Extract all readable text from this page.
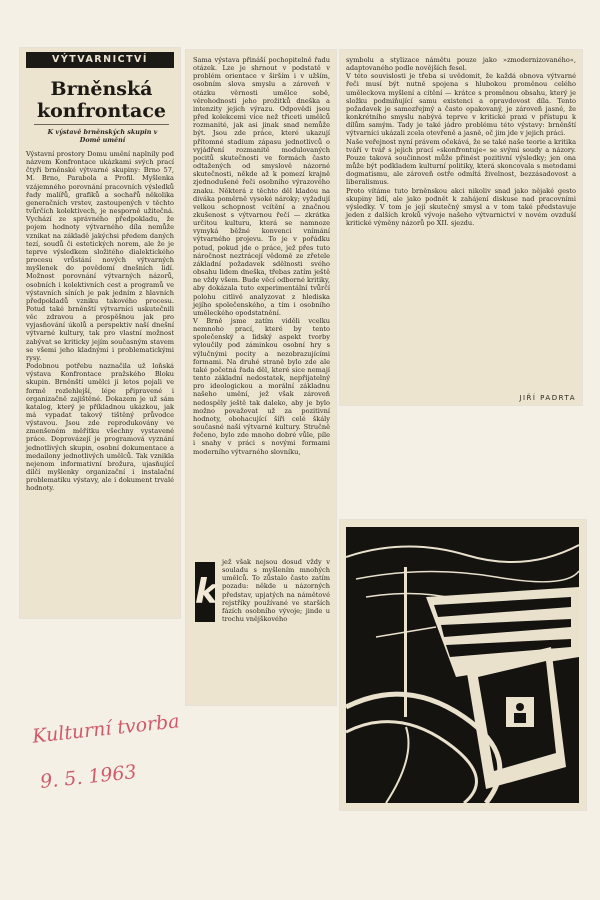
VÝTVARNICTVÍ
Brněnská konfrontace
K výstavě brněnských skupin v Domě umění
Výstavní prostory Domu umění naplnily pod názvem Konfrontace ukázkami svých prací čtyři brněnské výtvarné skupiny: Brno 57, M. Brno, Parabola a Profil. Myšlenka vzájemného porovnání pracovních výsledků řady malířů, grafiků a sochařů několika generačních vrstev, zastoupených v těchto tvůrčích kolektivech, je nesporně užitečná. Vychází ze správného předpokladu, že pojem hodnoty výtvarného díla nemůže vznikat na základě jakýchsi předem daných tezí, soudů či estetických norem, ale že je teprve výsledkem složitého dialektického procesu vrůstání nových výtvarných myšlenek do povědomí dnešních lidí. Možnost porovnání výtvarných názorů, osobních i kolektivních cest a programů ve výstavních síních je pak jedním z hlavních předpokladů vzniku takového procesu. Potud také brněnští výtvarníci uskutečnili věc zdravou a prospěšnou jak pro vyjasňování úkolů a perspektiv naší dnešní výtvarné kultury, tak pro vlastní možnost zabývat se kriticky jejím současným stavem se všemi jeho kladnými i problematickými rysy.
Podobnou potřebu naznačila už loňská výstava Konfrontace pražského Bloku skupin. Brněnští umělci ji letos pojali ve formě rozlehlejší, lépe připravené i organizačně zajištěné. Dokazem je už sám katalog, který je příkladnou ukázkou, jak má vypadat takový tištěný průvodce výstavou. Jsou zde reprodukovány ve zmenšeném měřítku všechny vystavené práce. Doprovázejí je programová vyznání jednotlivých skupin, osobní dokumentace a medailony jednotlivých umělců. Tak vznikla nejenom informativní brožura, ujasňující dílčí myšlenky organizační i instalační problematiku výstavy, ale i dokument trvalé hodnoty.
Sama výstava přináší pochopitelně řadu otázek. Lze je shrnout v podstatě v problém orientace v širším i v užším, osobním slova smyslu a zároveň v otázku věrnosti umělce sobě, věrohodnosti jeho prožitků dneška a intenzity jejich výrazu. Odpovědi jsou před kolekcemi více než třiceti umělců rozmanité, jak asi jinak snad nemůže být. Jsou zde práce, které ukazují přítomné stadium zápasu jednotlivců o vyjádření rozmanitě modulovaných pocitů skutečnosti ve formách často odtažených od smyslově názorné skutečnosti, někde až k pomezí krajně zjednodušené řeči osobního výrazového znaku. Některá z těchto děl kladou na diváka poměrně vysoké nároky; vyžadují velkou schopnost vcítění a značnou zkušenost s výtvarnou řečí — zkrátka určitou kulturu, která se namnoze vymyká běžné konvenci vnímání výtvarného projevu. To je v pořádku potud, pokud jde o práce, jež přes tuto náročnost neztrácejí vědomě ze zřetele základní požadavek sdělnosti svého obsahu lidem dneška, třebas zatím ještě ne vždy všem. Bude věcí odborné kritiky, aby dokázala tuto experimentální tvůrčí polohu citlivě analyzovat z hlediska jejího společenského, a tím i osobního uměleckého opodstatnění.
V Brně jsme zatím viděli vcelku nemnoho prací, které by tento společenský a lidský aspekt tvorby vyloučily pod záminkou osobní hry s výlučnými pocity a nezobrazujícími formami. Na druhé straně bylo zde ale také početná řada děl, které sice nemají tento základní nedostatek, nepřijatelný pro ideologickou a morální základnu našeho umění, jež však zároveň nedospěly ještě tak daleko, aby je bylo možno považovat už za pozitivní hodnoty, obohacující šíři celé škály současné naší výtvarné kultury. Stručně řečeno, bylo zde mnoho dobré vůle, píle i snahy v práci s novými formami moderního výtvarného slovníku,
k
jež však nejsou dosud vždy v souladu s myšlením mnohých umělců. To zůstalo často zatím pozadu: někde u názorných představ, upjatých na námětové rejstříky používané ve starších fázích osobního vývoje; jinde u trochu vnějškového
symbolu a stylizace námětu pouze jako »zmodernizovaného«, adaptovaného podle novějších fesel.
V této souvislosti je třeba si uvědomit, že každá obnova výtvarné řeči musí být nutně spojena s hlubokou proměnou celého uměleckova myšlení a cítění — krátce s proměnou obsahu, který je složku podmiňující samu existenci a opravdovost díla. Tento požadavek je samozřejmý a často opakovaný, je zároveň jasné, že konkrétního smyslu nabývá teprve v kritické praxi v přístupu k dílům samým. Tady je také jádro problému této výstavy: brněnští výtvarníci ukázali zcela otevřeně a jasně, oč jim jde v jejich práci.
Naše veřejnost nyní právem očekává, že se také naše teorie a kritika tváří v tvář s jejich prací »skonfrontuje« se svými soudy a názory. Pouze taková součinnost může přinést pozitivní výsledky; jen ona může být podkladem kulturní politiky, která skoncovala s metodami dogmatismu, ale zároveň ostře odmítá živelnost, bezzásadovost a liberalismus.
Proto vítáme tuto brněnskou akci nikoliv snad jako nějaké gesto skupiny lidí, ale jako podnět k zahájení diskuse nad pracovními výsledky. V tom je její skutečný smysl a v tom také představuje jeden z dalších kroků vývoje našeho výtvarnictví v novém ovzduší kritické výměny názorů po XII. sjezdu.
JIŘÍ PADRTA
Kulturní tvorba
9. 5. 1963
